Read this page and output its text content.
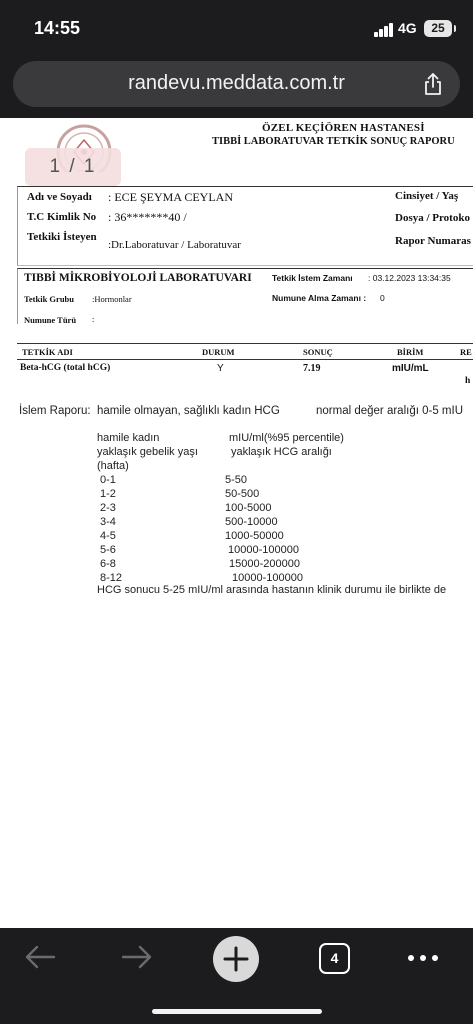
14:55	4G	25
randevu.meddata.com.tr
ÖZEL KEÇİÖREN HASTANESİ
TIBBİ LABORATUVAR TETKİK SONUÇ RAPORU
1 / 1
Adı ve Soyadı : ECE ŞEYMA CEYLAN
T.C Kimlik No : 36*******40 /
Tetkiki İsteyen
:Dr.Laboratuvar / Laboratuvar
Cinsiyet / Yaş
Dosya / Protoko
Rapor Numaras
TIBBİ MİKROBİYOLOJİ LABORATUVARI Tetkik İstem Zamanı : 03.12.2023 13:34:35
Tetkik Grubu :Hormonlar	Numune Alma Zamanı : 0
Numune Türü :
TETKİK ADI	DURUM	SONUÇ	BİRİM	RE
Beta-hCG (total hCG)	Y	7.19	mIU/mL
h
İslem Raporu: hamile olmayan, sağlıklı kadın HCG	normal değer aralığı 0-5 mIU
hamile kadın	mIU/ml(%95 percentile)
yaklaşık gebelik yaşı	yaklaşık HCG aralığı
(hafta)
0-1	5-50
1-2	50-500
2-3	100-5000
3-4	500-10000
4-5	1000-50000
5-6	10000-100000
6-8	15000-200000
8-12	10000-100000
HCG sonucu 5-25 mIU/ml arasında hastanın klinik durumu ile birlikte de
4
